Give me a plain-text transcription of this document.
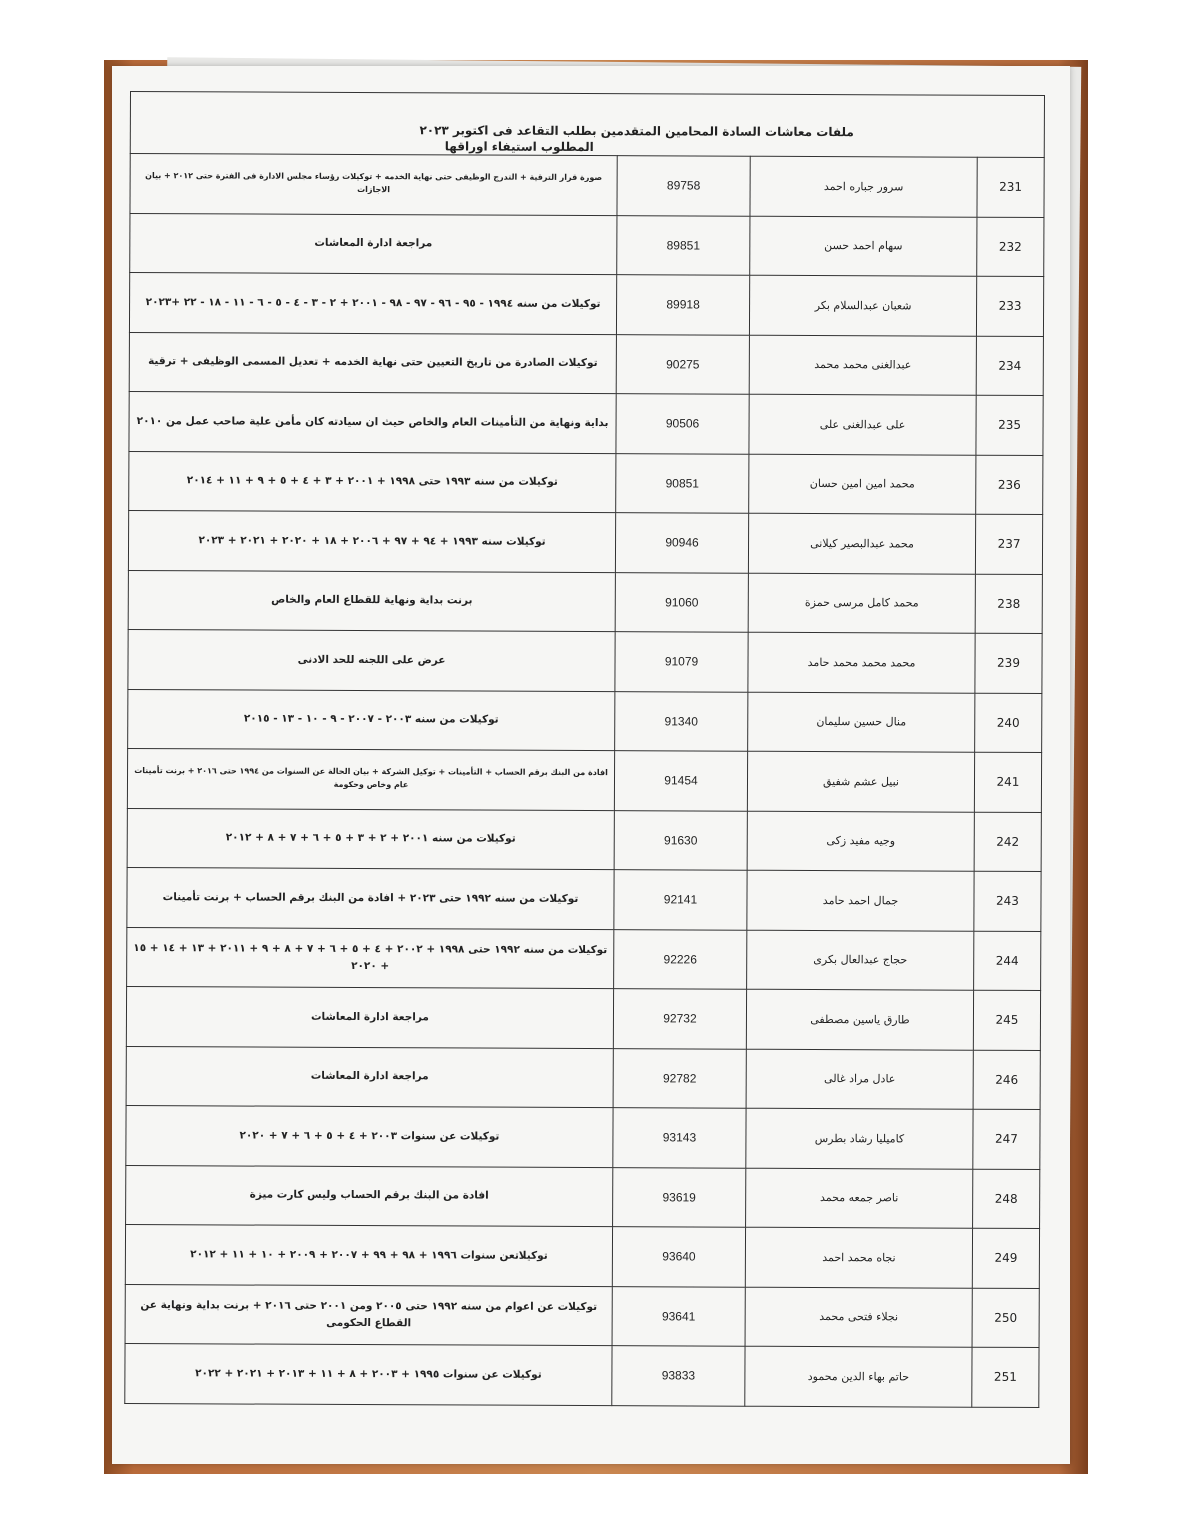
ملفات معاشات السادة المحامين المتقدمين بطلب التقاعد فى اكتوبر ٢٠٢٣
المطلوب استيفاء اوراقها
231	سرور جباره احمد	89758	صورة قرار الترقية + التدرج الوظيفى حتى نهاية الخدمه + توكيلات رؤساء مجلس الادارة فى الفترة حتى ٢٠١٢ + بيان الاجازات
232	سهام احمد حسن	89851	مراجعة ادارة المعاشات
233	شعبان عبدالسلام بكر	89918	توكيلات من سنه ١٩٩٤ - ٩٥ - ٩٦ - ٩٧ - ٩٨ - ٢٠٠١ + ٢ - ٣ - ٤ - ٥ - ٦ - ١١ - ١٨ - ٢٢ +٢٠٢٣
234	عبدالغنى محمد محمد	90275	توكيلات الصادرة من تاريخ التعيين حتى نهاية الخدمه + تعديل المسمى الوظيفى + ترقية
235	على عبدالغنى على	90506	بداية ونهاية من التأمينات العام والخاص حيث ان سيادته كان مأمن علية صاحب عمل من ٢٠١٠
236	محمد امين امين حسان	90851	توكيلات من سنه ١٩٩٣ حتى ١٩٩٨ + ٢٠٠١ + ٣ + ٤ + ٥ + ٩ + ١١ + ٢٠١٤
237	محمد عبدالبصير كيلانى	90946	توكيلات سنه ١٩٩٣ + ٩٤ + ٩٧ + ٢٠٠٦ + ١٨ + ٢٠٢٠ + ٢٠٢١ + ٢٠٢٣
238	محمد كامل مرسى حمزة	91060	برنت بداية ونهاية للقطاع العام والخاص
239	محمد محمد محمد حامد	91079	عرض على اللجنه للحد الادنى
240	منال حسين سليمان	91340	توكيلات من سنه ٢٠٠٣ - ٢٠٠٧ - ٩ - ١٠ - ١٣ - ٢٠١٥
241	نبيل عشم شفيق	91454	افادة من البنك برقم الحساب + التأمينات + توكيل الشركة + بيان الحالة عن السنوات من ١٩٩٤ حتى ٢٠١٦ + برنت تأمينات عام وخاص وحكومة
242	وجيه مفيد زكى	91630	توكيلات من سنه ٢٠٠١ + ٢ + ٣ + ٥ + ٦ + ٧ + ٨ + ٢٠١٢
243	جمال احمد حامد	92141	توكيلات من سنه ١٩٩٢ حتى ٢٠٢٣ + افادة من البنك برقم الحساب + برنت تأمينات
244	حجاج عبدالعال بكرى	92226	توكيلات من سنه ١٩٩٢ حتى ١٩٩٨ + ٢٠٠٢ + ٤ + ٥ + ٦ + ٧ + ٨ + ٩ + ٢٠١١ + ١٣ + ١٤ + ١٥ + ٢٠٢٠
245	طارق ياسين مصطفى	92732	مراجعة ادارة المعاشات
246	عادل مراد غالى	92782	مراجعة ادارة المعاشات
247	كاميليا رشاد بطرس	93143	توكيلات عن سنوات ٢٠٠٣ + ٤ + ٥ + ٦ + ٧ + ٢٠٢٠
248	ناصر جمعه محمد	93619	افادة من البنك برقم الحساب وليس كارت ميزة
249	نجاه محمد احمد	93640	توكيلاتعن سنوات ١٩٩٦ + ٩٨ + ٩٩ + ٢٠٠٧ + ٢٠٠٩ + ١٠ + ١١ + ٢٠١٢
250	نجلاء فتحى محمد	93641	توكيلات عن اعوام من سنه ١٩٩٢ حتى ٢٠٠٥ ومن ٢٠٠١ حتى ٢٠١٦ + برنت بداية ونهاية عن القطاع الحكومى
251	حاتم بهاء الدين محمود	93833	توكيلات عن سنوات ١٩٩٥ + ٢٠٠٣ + ٨ + ١١ + ٢٠١٣ + ٢٠٢١ + ٢٠٢٢
